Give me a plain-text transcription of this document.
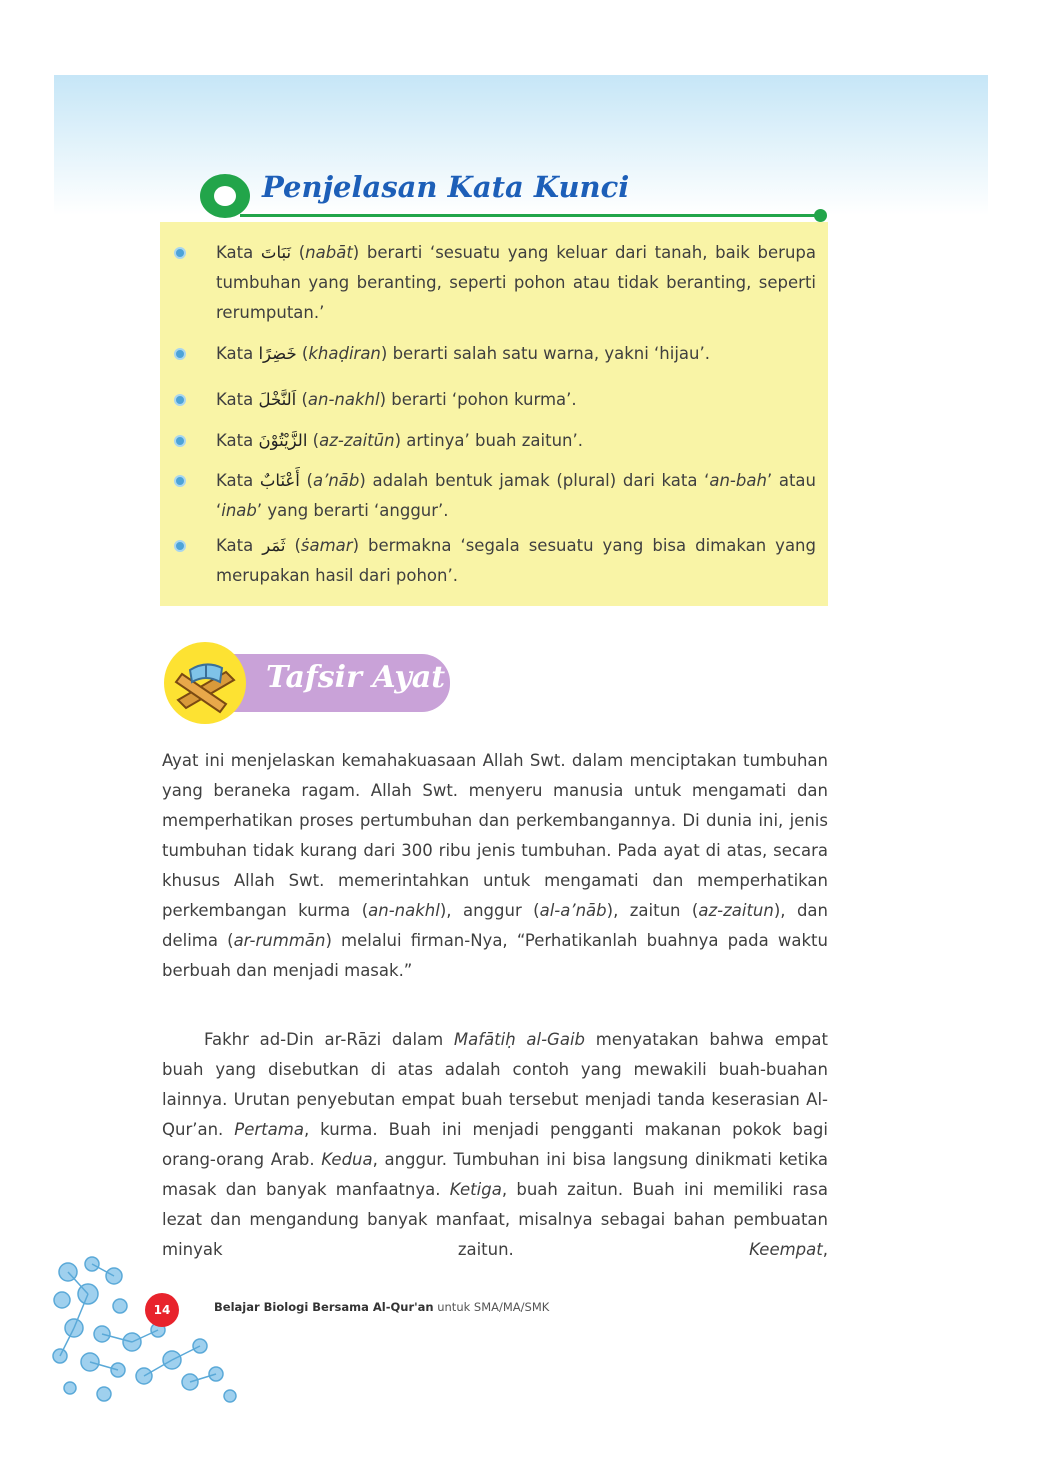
Penjelasan Kata Kunci
Kata نَبَاتَ (nabāt) berarti ‘sesuatu yang keluar dari tanah, baik berupa tumbuhan yang beranting, seperti pohon atau tidak beranting, seperti rerumputan.’
Kata خَضِرًا (khaḍiran) berarti salah satu warna, yakni ‘hijau’.
Kata اَلنَّخْلَ (an-nakhl) berarti ‘pohon kurma’.
Kata الزَّيْتُوْنَ (az-zaitūn) artinya’ buah zaitun’.
Kata أَعْنَابٌ (a’nāb) adalah bentuk jamak (plural) dari kata ‘an-bah’ atau ‘inab’ yang berarti ‘anggur’.
Kata ثَمَر (ṡamar) bermakna ‘segala sesuatu yang bisa dimakan yang merupakan hasil dari pohon’.
Tafsir Ayat

Ayat ini menjelaskan kemahakuasaan Allah Swt. dalam menciptakan tumbuhan yang beraneka ragam. Allah Swt. menyeru manusia untuk mengamati dan memperhatikan proses pertumbuhan dan perkembangannya. Di dunia ini, jenis tumbuhan tidak kurang dari 300 ribu jenis tumbuhan. Pada ayat di atas, secara khusus Allah Swt. memerintahkan untuk mengamati dan memperhatikan perkembangan kurma (an-nakhl), anggur (al-a’nāb), zaitun (az-zaitun), dan delima (ar-rummān) melalui firman-Nya, “Perhatikanlah buahnya pada waktu berbuah dan menjadi masak.”

Fakhr ad-Din ar-Rāzi dalam Mafātiḥ al-Gaib menyatakan bahwa empat buah yang disebutkan di atas adalah contoh yang mewakili buah-buahan lainnya. Urutan penyebutan empat buah tersebut menjadi tanda keserasian Al-Qur’an. Pertama, kurma. Buah ini menjadi pengganti makanan pokok bagi orang-orang Arab. Kedua, anggur. Tumbuhan ini bisa langsung dinikmati ketika masak dan banyak manfaatnya. Ketiga, buah zaitun. Buah ini memiliki rasa lezat dan mengandung banyak manfaat, misalnya sebagai bahan pembuatan minyak zaitun. Keempat,

14	Belajar Biologi Bersama Al-Qur'an untuk SMA/MA/SMK
